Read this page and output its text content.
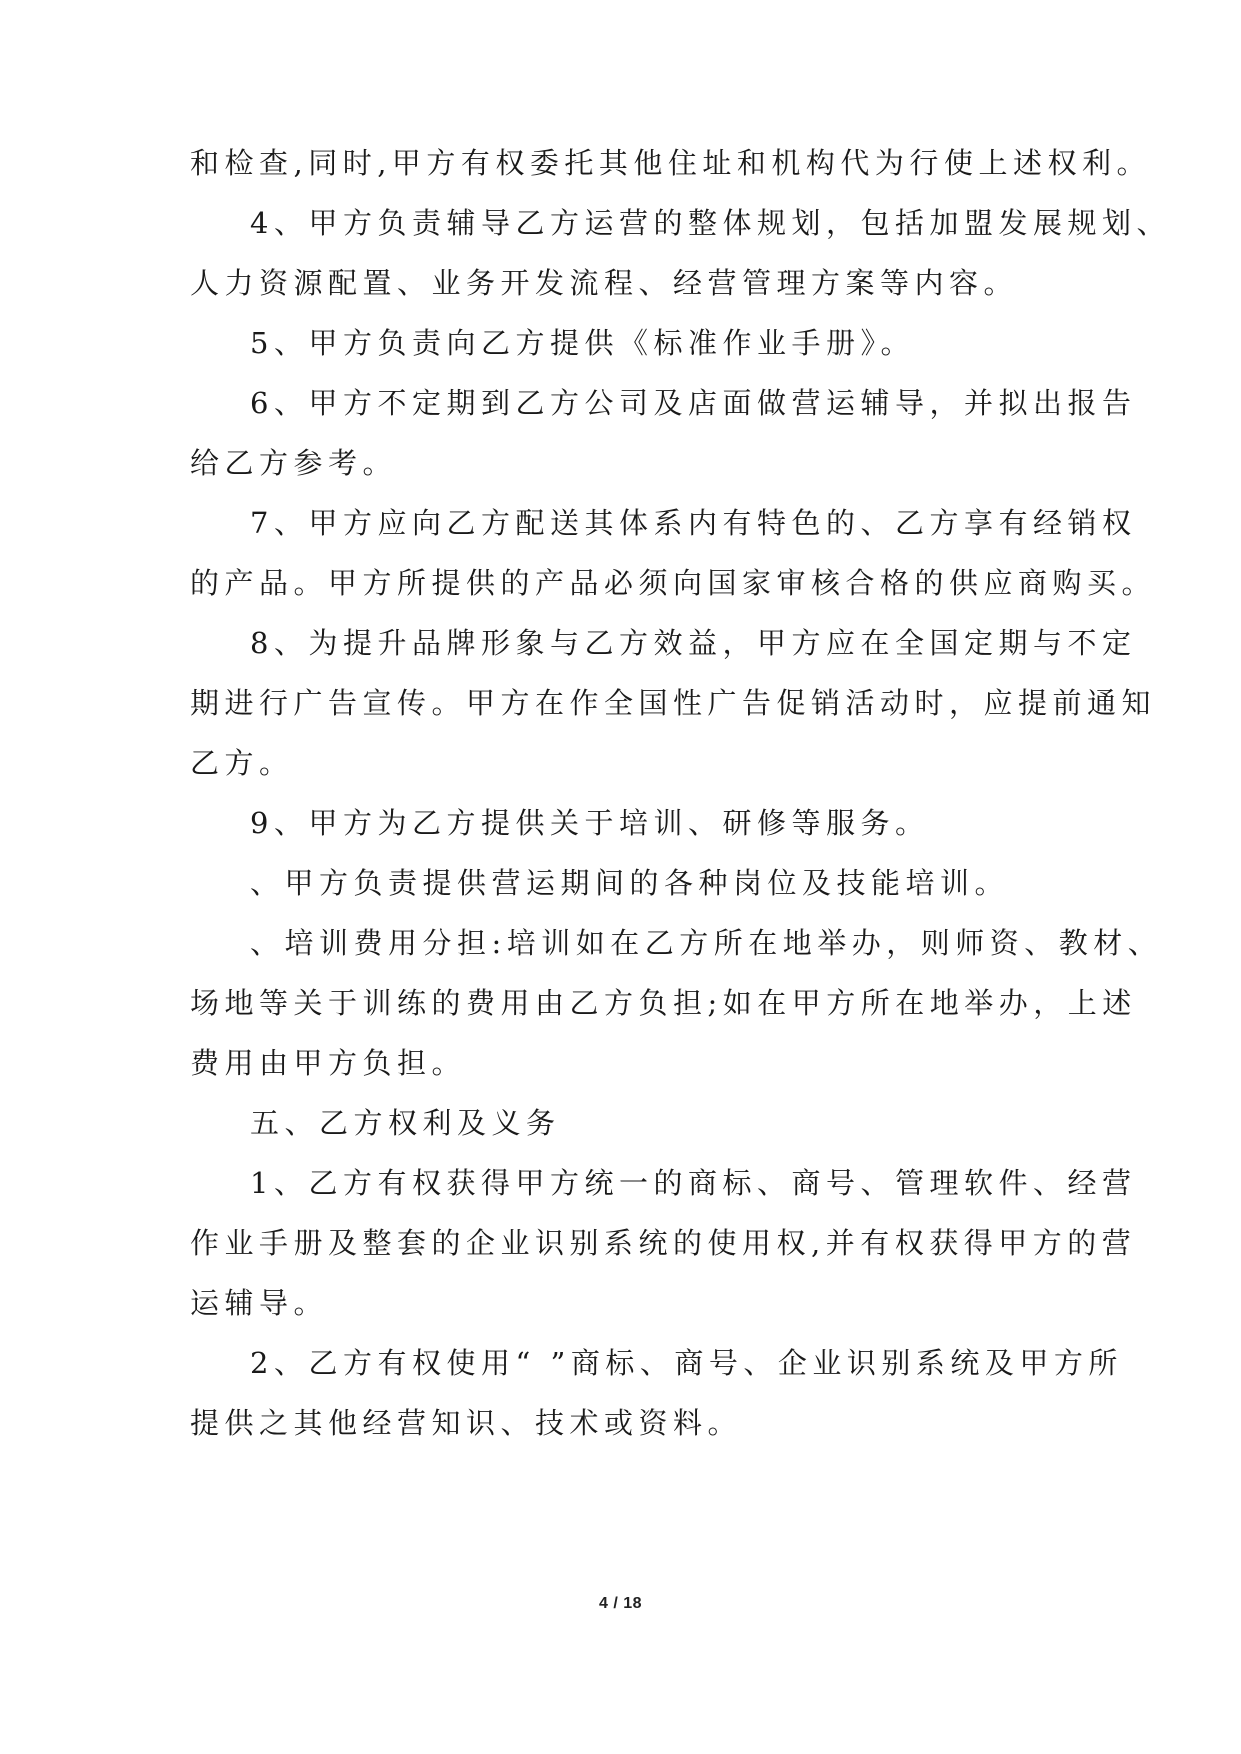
和检查,同时,甲方有权委托其他住址和机构代为行使上述权利。
4、甲方负责辅导乙方运营的整体规划，包括加盟发展规划、
人力资源配置、业务开发流程、经营管理方案等内容。
5、甲方负责向乙方提供《标准作业手册》。
6、甲方不定期到乙方公司及店面做营运辅导，并拟出报告
给乙方参考。
7、甲方应向乙方配送其体系内有特色的、乙方享有经销权
的产品。甲方所提供的产品必须向国家审核合格的供应商购买。
8、为提升品牌形象与乙方效益，甲方应在全国定期与不定
期进行广告宣传。甲方在作全国性广告促销活动时，应提前通知
乙方。
9、甲方为乙方提供关于培训、研修等服务。
、甲方负责提供营运期间的各种岗位及技能培训。
、培训费用分担:培训如在乙方所在地举办，则师资、教材、
场地等关于训练的费用由乙方负担;如在甲方所在地举办，上述
费用由甲方负担。
五、乙方权利及义务
1、乙方有权获得甲方统一的商标、商号、管理软件、经营
作业手册及整套的企业识别系统的使用权,并有权获得甲方的营
运辅导。
2、乙方有权使用“ ”商标、商号、企业识别系统及甲方所
提供之其他经营知识、技术或资料。
4 / 18
